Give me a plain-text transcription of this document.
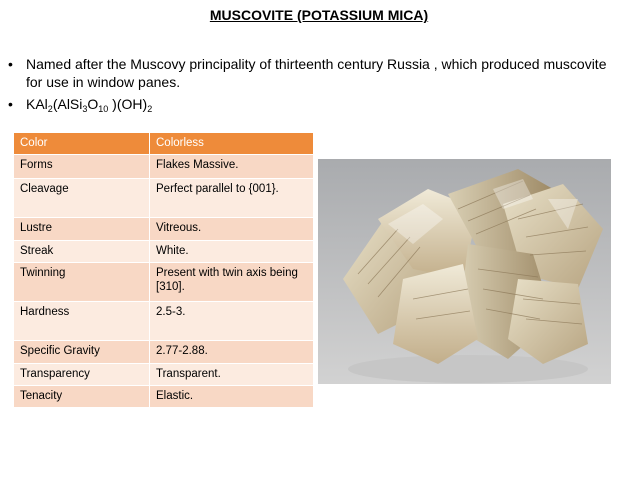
MUSCOVITE (POTASSIUM MICA)
• Named after the Muscovy principality of thirteenth century Russia , which produced muscovite for use in window panes.
• $KAl_2(AlSi_3O_{10}$ )$(OH)_2$
Color	Colorless
Forms	Flakes Massive.
Cleavage	Perfect parallel to {001}.
Lustre	Vitreous.
Streak	White.
Twinning	Present with twin axis being [310].
Hardness	2.5-3.
Specific Gravity	2.77-2.88.
Transparency	Transparent.
Tenacity	Elastic.
